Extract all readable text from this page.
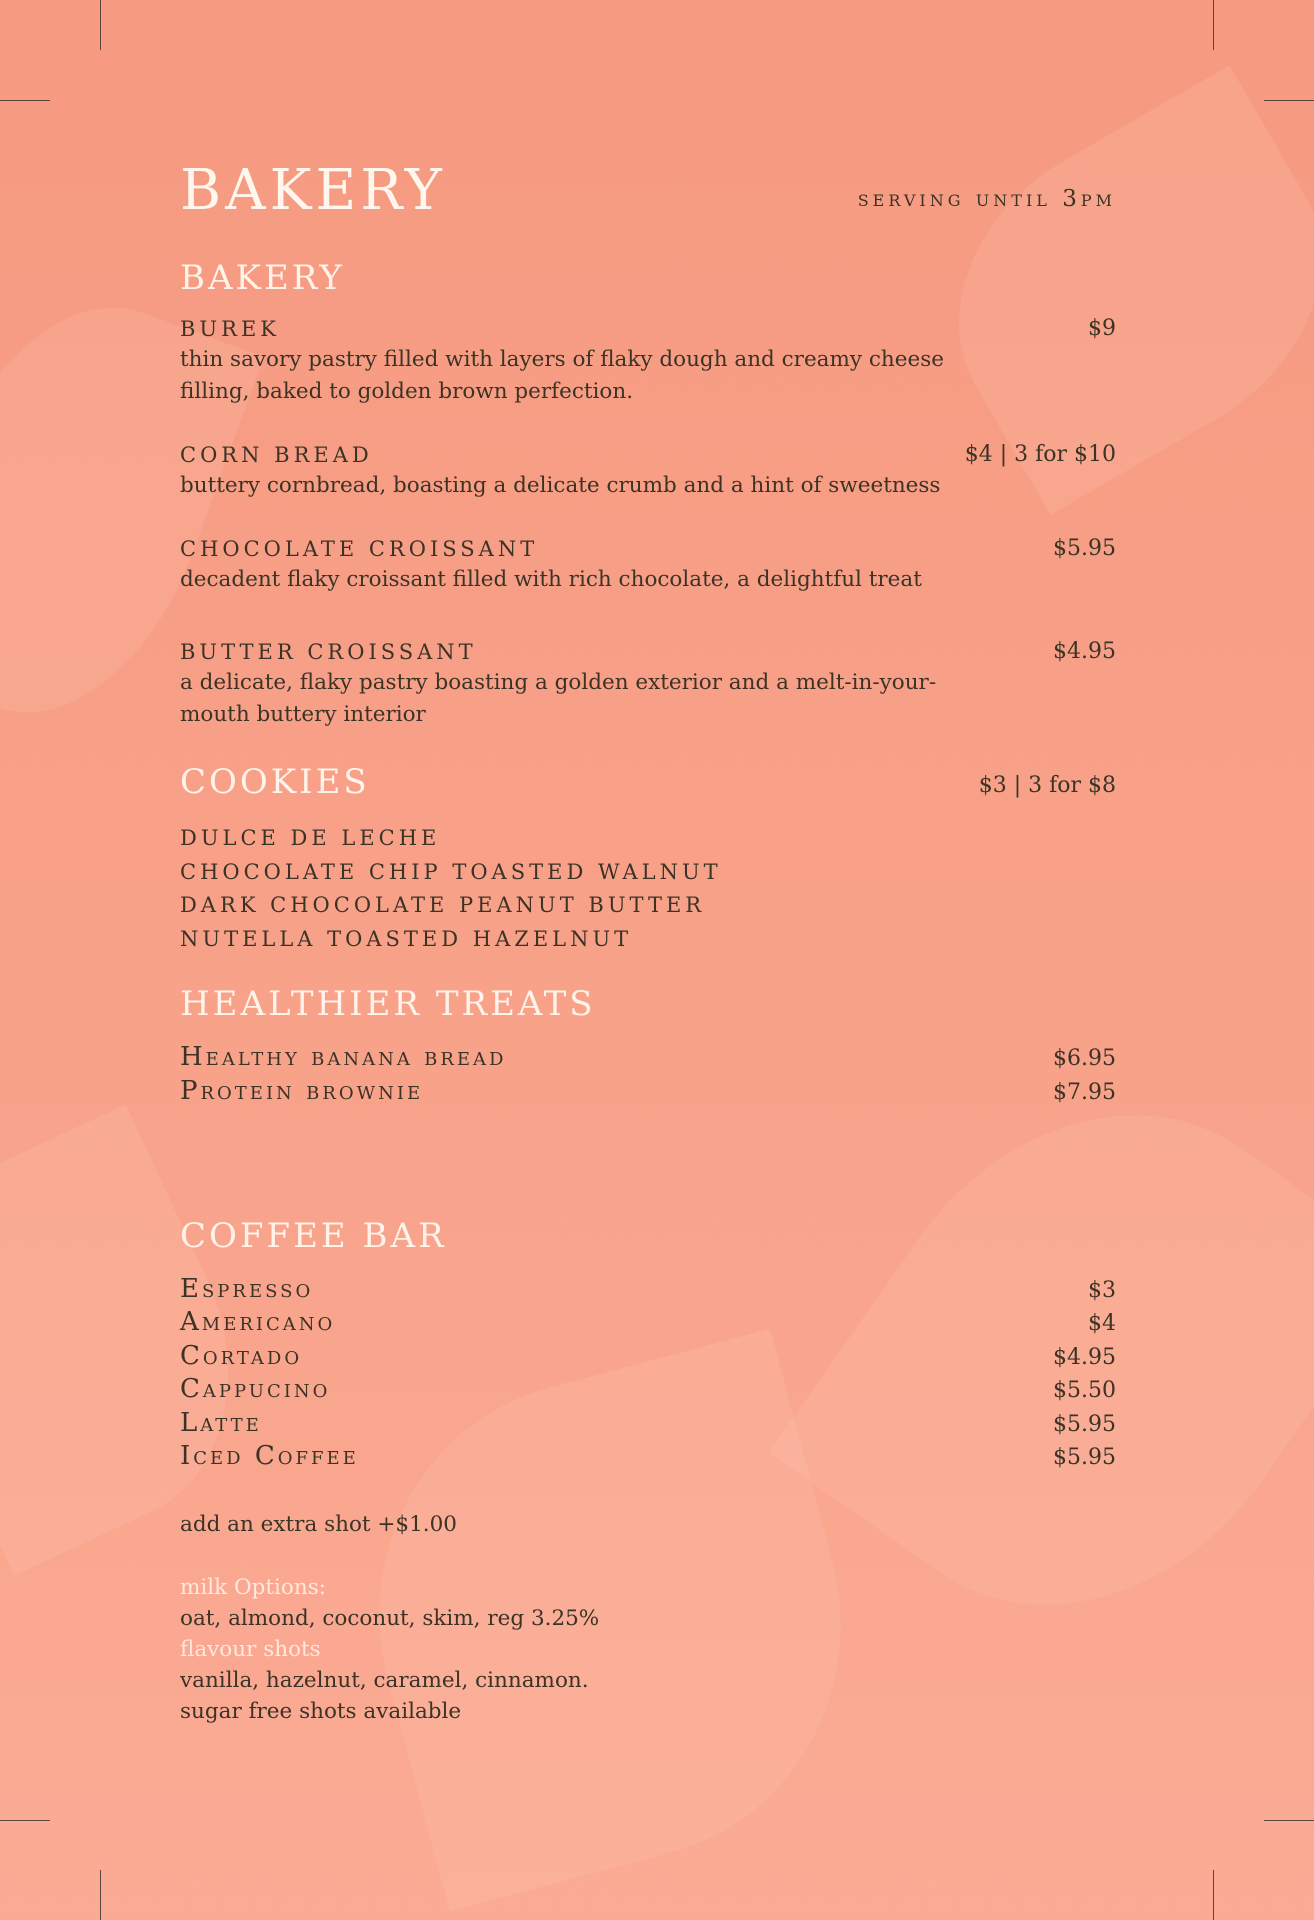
BAKERY	serving until 3pm
BAKERY
BUREK	$9
thin savory pastry filled with layers of flaky dough and creamy cheese filling, baked to golden brown perfection.
CORN BREAD	$4 | 3 for $10
buttery cornbread, boasting a delicate crumb and a hint of sweetness
CHOCOLATE CROISSANT	$5.95
decadent flaky croissant filled with rich chocolate, a delightful treat
BUTTER CROISSANT	$4.95
a delicate, flaky pastry boasting a golden exterior and a melt-in-your-mouth buttery interior
COOKIES	$3 | 3 for $8
DULCE DE LECHE
CHOCOLATE CHIP TOASTED WALNUT
DARK CHOCOLATE PEANUT BUTTER
NUTELLA TOASTED HAZELNUT
HEALTHIER TREATS
Healthy banana bread	$6.95
Protein brownie	$7.95
COFFEE BAR
Espresso	$3
Americano	$4
Cortado	$4.95
Cappucino	$5.50
Latte	$5.95
Iced Coffee	$5.95
add an extra shot +$1.00
milk Options:
oat, almond, coconut, skim, reg 3.25%
flavour shots
vanilla, hazelnut, caramel, cinnamon.
sugar free shots available
